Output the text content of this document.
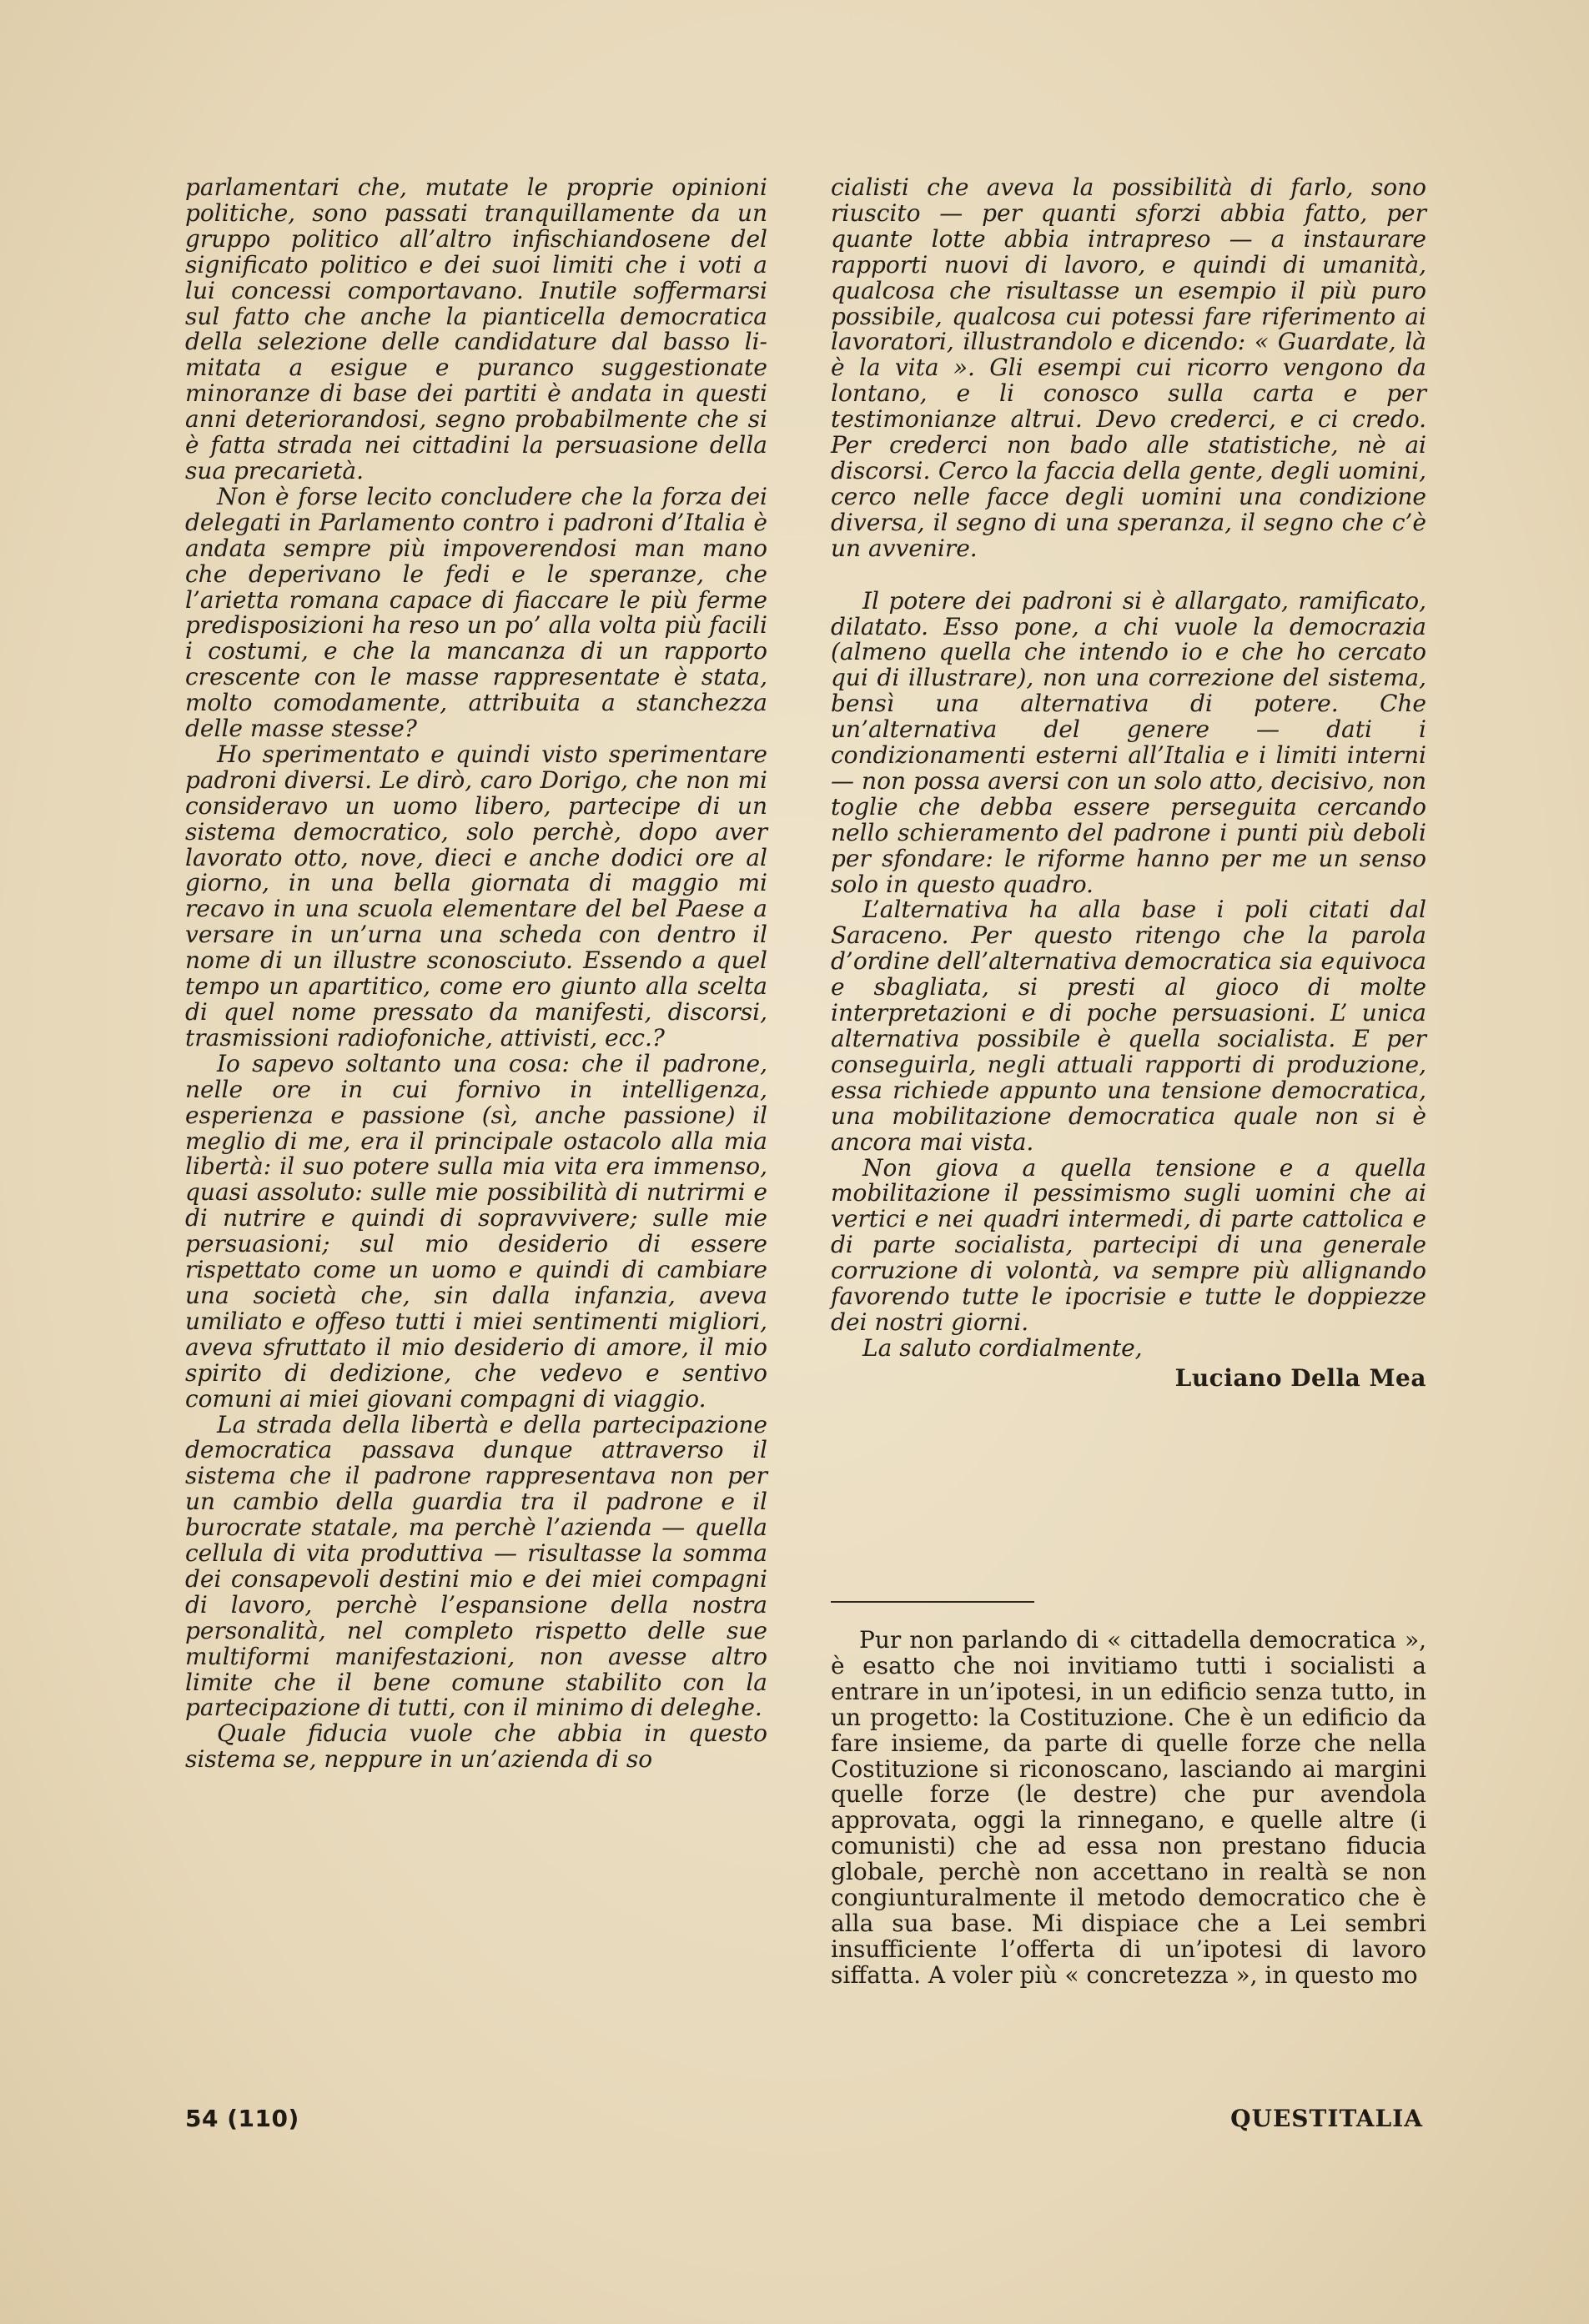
parlamentari che, mutate le proprie opinioni politiche, sono passati tranquillamente da un gruppo politico all’altro infischiandosene del significato politico e dei suoi limiti che i voti a lui concessi comportavano. Inutile soffermarsi sul fatto che anche la pianticella democratica della selezione delle candidature dal basso limitata a esigue e puranco suggestionate minoranze di base dei partiti è andata in questi anni deteriorandosi, segno probabilmente che si è fatta strada nei cittadini la persuasione della sua precarietà.

Non è forse lecito concludere che la forza dei delegati in Parlamento contro i padroni d’Italia è andata sempre più impoverendosi man mano che deperivano le fedi e le speranze, che l’arietta romana capace di fiaccare le più ferme predisposizioni ha reso un po’ alla volta più facili i costumi, e che la mancanza di un rapporto crescente con le masse rappresentate è stata, molto comodamente, attribuita a stanchezza delle masse stesse?

Ho sperimentato e quindi visto sperimentare padroni diversi. Le dirò, caro Dorigo, che non mi consideravo un uomo libero, partecipe di un sistema democratico, solo perchè, dopo aver lavorato otto, nove, dieci e anche dodici ore al giorno, in una bella giornata di maggio mi recavo in una scuola elementare del bel Paese a versare in un’urna una scheda con dentro il nome di un illustre sconosciuto. Essendo a quel tempo un apartitico, come ero giunto alla scelta di quel nome pressato da manifesti, discorsi, trasmissioni radiofoniche, attivisti, ecc.?

Io sapevo soltanto una cosa: che il padrone, nelle ore in cui fornivo in intelligenza, esperienza e passione (sì, anche passione) il meglio di me, era il principale ostacolo alla mia libertà: il suo potere sulla mia vita era immenso, quasi assoluto: sulle mie possibilità di nutrirmi e di nutrire e quindi di sopravvivere; sulle mie persuasioni; sul mio desiderio di essere rispettato come un uomo e quindi di cambiare una società che, sin dalla infanzia, aveva umiliato e offeso tutti i miei sentimenti migliori, aveva sfruttato il mio desiderio di amore, il mio spirito di dedizione, che vedevo e sentivo comuni ai miei giovani compagni di viaggio.

La strada della libertà e della partecipazione democratica passava dunque attraverso il sistema che il padrone rappresentava non per un cambio della guardia tra il padrone e il burocrate statale, ma perchè l’azienda — quella cellula di vita produttiva — risultasse la somma dei consapevoli destini mio e dei miei compagni di lavoro, perchè l’espansione della nostra personalità, nel completo rispetto delle sue multiformi manifestazioni, non avesse altro limite che il bene comune stabilito con la partecipazione di tutti, con il minimo di deleghe.

Quale fiducia vuole che abbia in questo sistema se, neppure in un’azienda di so

cialisti che aveva la possibilità di farlo, sono riuscito — per quanti sforzi abbia fatto, per quante lotte abbia intrapreso — a instaurare rapporti nuovi di lavoro, e quindi di umanità, qualcosa che risultasse un esempio il più puro possibile, qualcosa cui potessi fare riferimento ai lavoratori, illustrandolo e dicendo: « Guardate, là è la vita ». Gli esempi cui ricorro vengono da lontano, e li conosco sulla carta e per testimonianze altrui. Devo crederci, e ci credo. Per crederci non bado alle statistiche, nè ai discorsi. Cerco la faccia della gente, degli uomini, cerco nelle facce degli uomini una condizione diversa, il segno di una speranza, il segno che c’è un avvenire.

Il potere dei padroni si è allargato, ramificato, dilatato. Esso pone, a chi vuole la democrazia (almeno quella che intendo io e che ho cercato qui di illustrare), non una correzione del sistema, bensì una alternativa di potere. Che un’alternativa del genere — dati i condizionamenti esterni all’Italia e i limiti interni — non possa aversi con un solo atto, decisivo, non toglie che debba essere perseguita cercando nello schieramento del padrone i punti più deboli per sfondare: le riforme hanno per me un senso solo in questo quadro.

L’alternativa ha alla base i poli citati dal Saraceno. Per questo ritengo che la parola d’ordine dell’alternativa democratica sia equivoca e sbagliata, si presti al gioco di molte interpretazioni e di poche persuasioni. L’ unica alternativa possibile è quella socialista. E per conseguirla, negli attuali rapporti di produzione, essa richiede appunto una tensione democratica, una mobilitazione democratica quale non si è ancora mai vista.

Non giova a quella tensione e a quella mobilitazione il pessimismo sugli uomini che ai vertici e nei quadri intermedi, di parte cattolica e di parte socialista, partecipi di una generale corruzione di volontà, va sempre più allignando favorendo tutte le ipocrisie e tutte le doppiezze dei nostri giorni.

La saluto cordialmente,

Luciano Della Mea

Pur non parlando di « cittadella democratica », è esatto che noi invitiamo tutti i socialisti a entrare in un’ipotesi, in un edificio senza tutto, in un progetto: la Costituzione. Che è un edificio da fare insieme, da parte di quelle forze che nella Costituzione si riconoscano, lasciando ai margini quelle forze (le destre) che pur avendola approvata, oggi la rinnegano, e quelle altre (i comunisti) che ad essa non prestano fiducia globale, perchè non accettano in realtà se non congiunturalmente il metodo democratico che è alla sua base. Mi dispiace che a Lei sembri insufficiente l’offerta di un’ipotesi di lavoro siffatta. A voler più « concretezza », in questo mo

54 (110)	QUESTITALIA
